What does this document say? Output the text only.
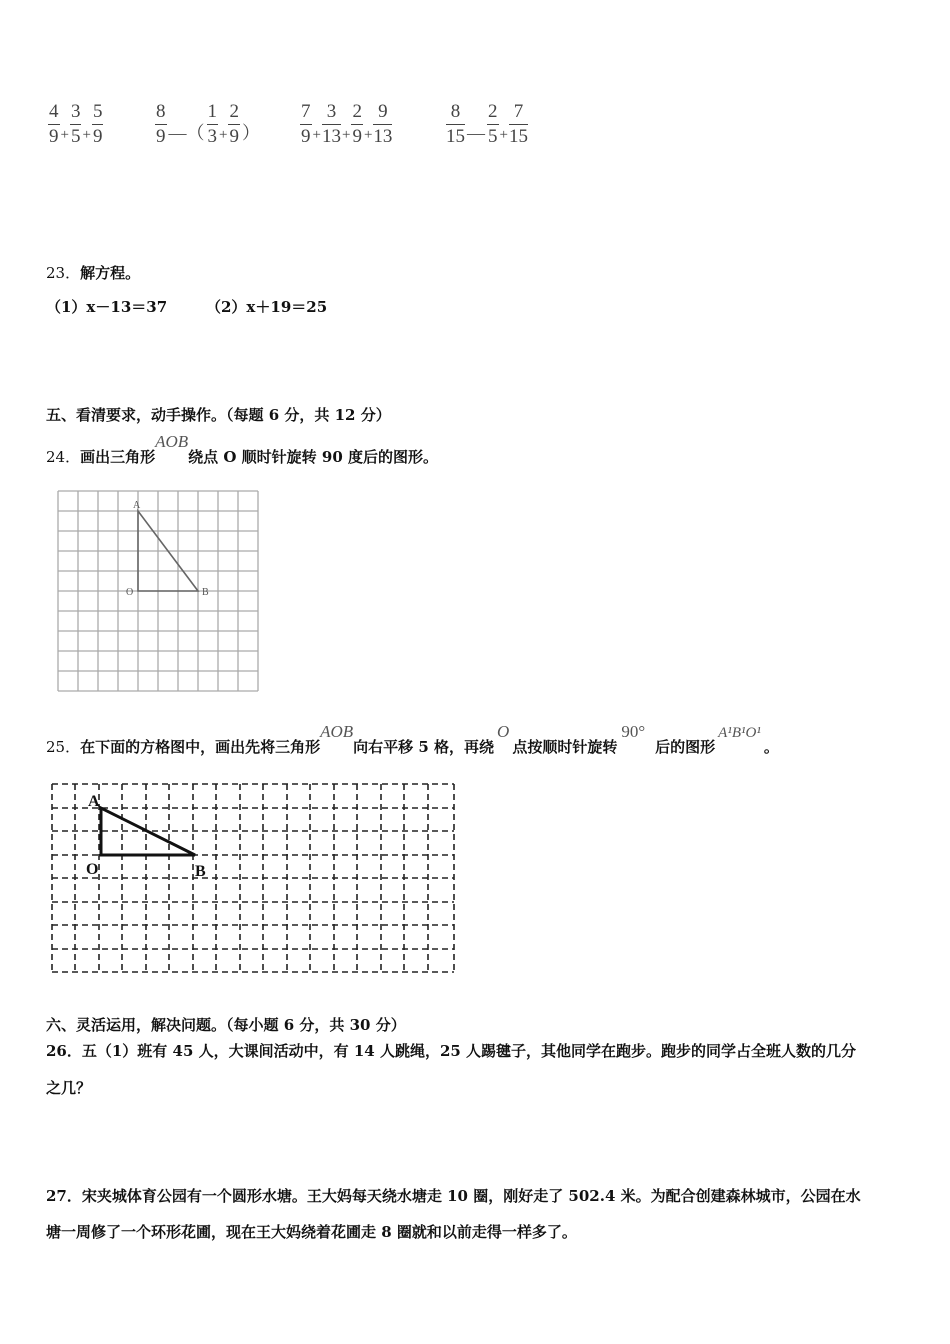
$\frac{4}{9} + \frac{3}{5} + \frac{5}{9}$	$\frac{8}{9}$ —（ $\frac{1}{3} + \frac{2}{9}$ ） $\frac{7}{9} + \frac{3}{13} + \frac{2}{9} + \frac{9}{13}$	$\frac{8}{15}$ — $\frac{2}{5} + \frac{7}{15}$
23．解方程。
（1）x－13＝37	（2）x＋19＝25
五、看清要求，动手操作。（每题 6 分，共 12 分）
24．画出三角形AOB绕点 O 顺时针旋转 90 度后的图形。
A
O	B
25．在下面的方格图中，画出先将三角形AOB向右平移 5 格，再绕O点按顺时针旋转90°后的图形A¹B¹O¹。
A
O	B
六、灵活运用，解决问题。（每小题 6 分，共 30 分）
26．五（1）班有 45 人，大课间活动中，有 14 人跳绳，25 人踢毽子，其他同学在跑步。跑步的同学占全班人数的几分
之几？
27．宋夹城体育公园有一个圆形水塘。王大妈每天绕水塘走 10 圈，刚好走了 502.4 米。为配合创建森林城市，公园在水
塘一周修了一个环形花圃，现在王大妈绕着花圃走 8 圈就和以前走得一样多了。
